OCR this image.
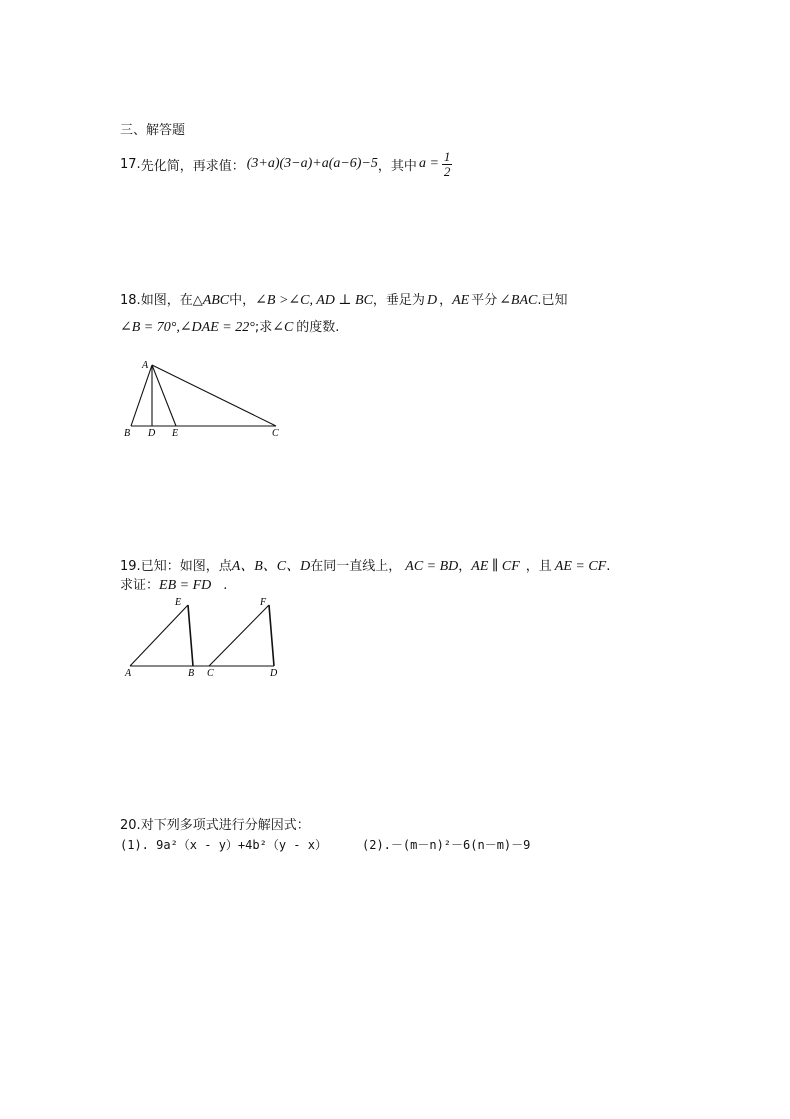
三、解答题
17. 先化简，再求值： (3+a)(3−a)+a(a−6)−5 ，其中 $a = \frac{1}{2}$
18.如图，在△ABC中，∠B >∠C, AD ⊥ BC，垂足为 D ，AE 平分 ∠BAC.已知
∠B = 70°,∠DAE = 22°;求∠C 的度数.
A
B D E	C
19.已知：如图，点A、B、C、D在同一直线上， AC = BD，AE ∥ CF ，且 AE = CF.
求证：EB = FD .
E	F
A	B C	D
20.对下列多项式进行分解因式：
(1). 9a²（x - y）+4b²（y - x）	(2).－(m－n)²－6(n－m)－9
